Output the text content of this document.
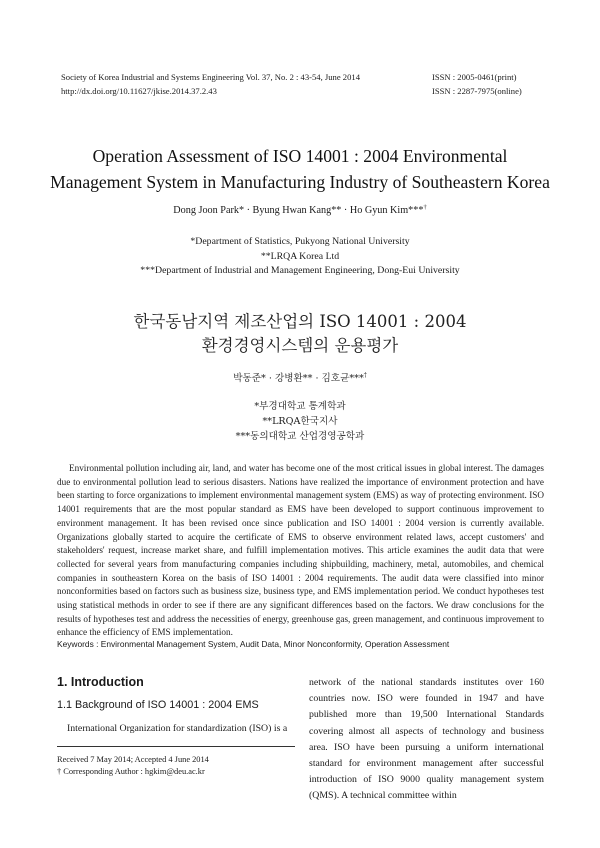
Society of Korea Industrial and Systems Engineering Vol. 37, No. 2 : 43-54, June 2014
http://dx.doi.org/10.11627/jkise.2014.37.2.43
ISSN : 2005-0461(print)
ISSN : 2287-7975(online)
Operation Assessment of ISO 14001 : 2004 Environmental
Management System in Manufacturing Industry of Southeastern Korea
Dong Joon Park* · Byung Hwan Kang** · Ho Gyun Kim***†
*Department of Statistics, Pukyong National University
**LRQA Korea Ltd
***Department of Industrial and Management Engineering, Dong-Eui University
한국동남지역 제조산업의 ISO 14001 : 2004
환경경영시스템의 운용평가
박동준* · 강병환** · 김호균***†
*부경대학교 통계학과
**LRQA한국지사
***동의대학교 산업경영공학과
Environmental pollution including air, land, and water has become one of the most critical issues in global interest. The damages due to environmental pollution lead to serious disasters. Nations have realized the importance of environment protection and have been starting to force organizations to implement environmental management system (EMS) as way of protecting environment. ISO 14001 requirements that are the most popular standard as EMS have been developed to support continuous improvement to environment management. It has been revised once since publication and ISO 14001 : 2004 version is currently available. Organizations globally started to acquire the certificate of EMS to observe environment related laws, accept customers' and stakeholders' request, increase market share, and fulfill implementation motives. This article examines the audit data that were collected for several years from manufacturing companies including shipbuilding, machinery, metal, automobiles, and chemical companies in southeastern Korea on the basis of ISO 14001 : 2004 requirements. The audit data were classified into minor nonconformities based on factors such as business size, business type, and EMS implementation period. We conduct hypotheses test using statistical methods in order to see if there are any significant differences based on the factors. We draw conclusions for the results of hypotheses test and address the necessities of energy, greenhouse gas, green management, and continuous improvement to enhance the efficiency of EMS implementation.
Keywords : Environmental Management System, Audit Data, Minor Nonconformity, Operation Assessment
1. Introduction
1.1 Background of ISO 14001 : 2004 EMS
International Organization for standardization (ISO) is a
Received 7 May 2014; Accepted 4 June 2014
† Corresponding Author : hgkim@deu.ac.kr
network of the national standards institutes over 160 countries now. ISO were founded in 1947 and have published more than 19,500 International Standards covering almost all aspects of technology and business area. ISO have been pursuing a uniform international standard for environment management after successful introduction of ISO 9000 quality management system (QMS). A technical committee within
